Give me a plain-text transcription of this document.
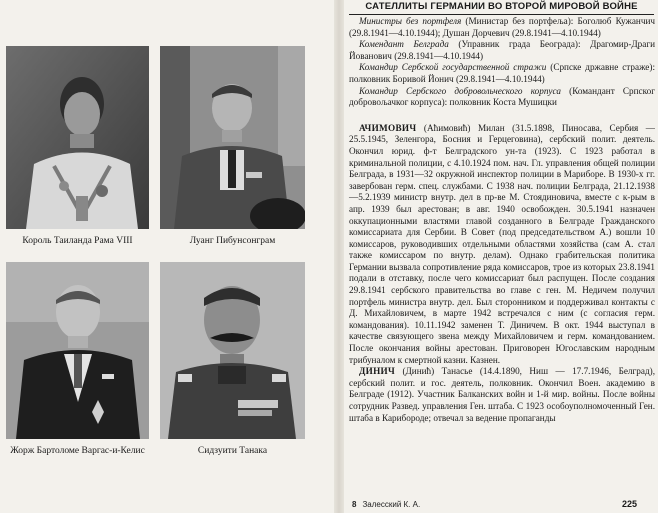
Король Таиланда Рама VIII	Луанг Пибунсонграм
Жорж Бартоломе Варгас-и-Келис	Сидзуити Танака
САТЕЛЛИТЫ ГЕРМАНИИ ВО ВТОРОЙ МИРОВОЙ ВОЙНЕ

Министры без портфеля (Министар без портфеља): Боголюб Кужанчич (29.8.1941—4.10.1944); Душан Дорчевич (29.8.1941—4.10.1944)

Комендант Белграда (Управник града Београда): Драгомир-Драги Йованович (29.8.1941—4.10.1944)

Командир Сербской государственной стражи (Српске државне страже): полковник Боривой Йонич (29.8.1941—4.10.1944)

Командир Сербского добровольческого корпуса (Командант Српског добровољачког корпуса): полковник Коста Мушицки

АЧИМОВИЧ (Аћимовић) Милан (31.5.1898, Пиносава, Сербия — 25.5.1945, Зеленгора, Босния и Герцеговина), сербский полит. деятель. Окончил юрид. ф-т Белградского ун-та (1923). С 1923 работал в криминальной полиции, с 4.10.1924 пом. нач. Гл. управления общей полиции Белграда, в 1931—32 окружной инспектор полиции в Мариборе. В 1930-х гг. завербован герм. спец. службами. С 1938 нач. полиции Белграда, 21.12.1938—5.2.1939 министр внутр. дел в пр-ве М. Стоядиновича, вместе с к-рым в апр. 1939 был арестован; в авг. 1940 освобожден. 30.5.1941 назначен оккупационными властями главой созданного в Белграде Гражданского комиссариата для Сербии. В Совет (под председательством А.) вошли 10 комиссаров, руководивших отдельными областями хозяйства (сам А. стал также комиссаром по внутр. делам). Однако грабительская политика Германии вызвала сопротивление ряда комиссаров, трое из которых 23.8.1941 подали в отставку, после чего комиссариат был распущен. После создания 29.8.1941 сербского правительства во главе с ген. М. Недичем получил портфель министра внутр. дел. Был сторонником и поддерживал контакты с Д. Михайловичем, в марте 1942 встречался с ним (с согласия герм. командования). 10.11.1942 заменен Т. Диничем. В окт. 1944 выступал в качестве связующего звена между Михайловичем и герм. командованием. После окончания войны арестован. Приговорен Югославским народным трибуналом к смертной казни. Казнен.

ДИНИЧ (Динић) Танасье (14.4.1890, Ниш — 17.7.1946, Белград), сербский полит. и гос. деятель, полковник. Окончил Воен. академию в Белграде (1912). Участник Балканских войн и 1-й мир. войны. После войны сотрудник Развед. управления Ген. штаба. С 1923 особоуполномоченный Ген. штаба в Карибороде; отвечал за ведение пропаганды

8 Залесский К. А.	225
